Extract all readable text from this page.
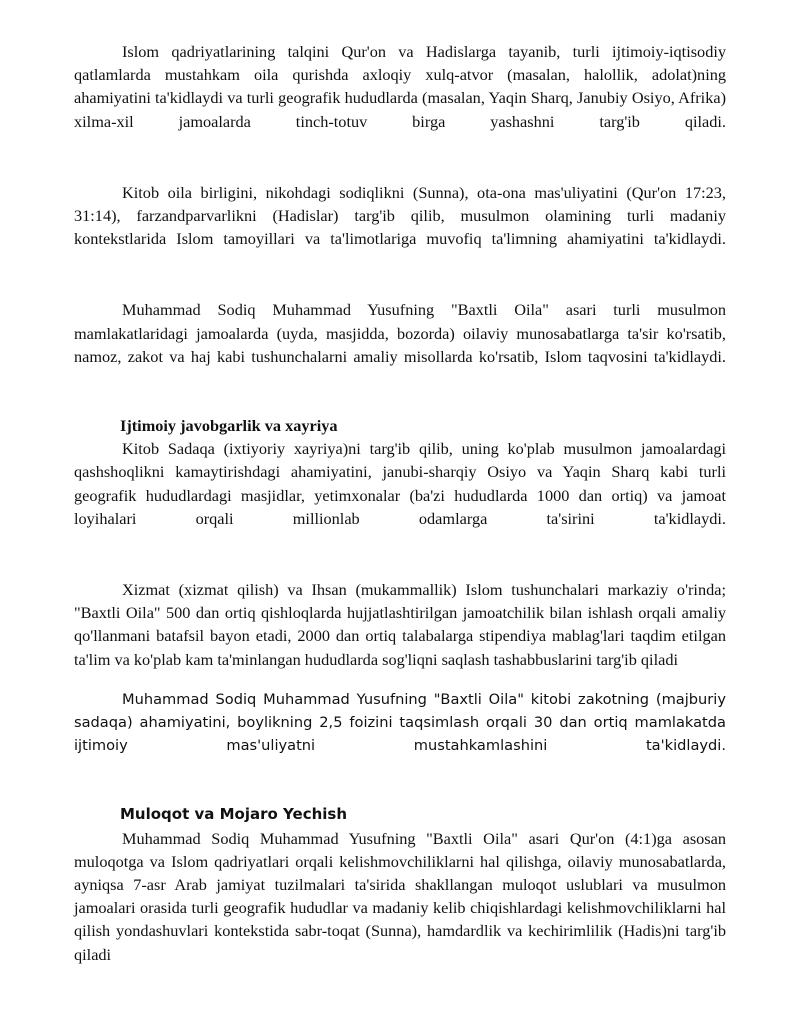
Islom qadriyatlarining talqini Qur'on va Hadislarga tayanib, turli ijtimoiy-iqtisodiy qatlamlarda mustahkam oila qurishda axloqiy xulq-atvor (masalan, halollik, adolat)ning ahamiyatini ta'kidlaydi va turli geografik hududlarda (masalan, Yaqin Sharq, Janubiy Osiyo, Afrika) xilma-xil jamoalarda tinch-totuv birga yashashni targ'ib qiladi.

Kitob oila birligini, nikohdagi sodiqlikni (Sunna), ota-ona mas'uliyatini (Qur'on 17:23, 31:14), farzandparvarlikni (Hadislar) targ'ib qilib, musulmon olamining turli madaniy kontekstlarida Islom tamoyillari va ta'limotlariga muvofiq ta'limning ahamiyatini ta'kidlaydi.

Muhammad Sodiq Muhammad Yusufning "Baxtli Oila" asari turli musulmon mamlakatlaridagi jamoalarda (uyda, masjidda, bozorda) oilaviy munosabatlarga ta'sir ko'rsatib, namoz, zakot va haj kabi tushunchalarni amaliy misollarda ko'rsatib, Islom taqvosini ta'kidlaydi.

Ijtimoiy javobgarlik va xayriya

Kitob Sadaqa (ixtiyoriy xayriya)ni targ'ib qilib, uning ko'plab musulmon jamoalardagi qashshoqlikni kamaytirishdagi ahamiyatini, janubi-sharqiy Osiyo va Yaqin Sharq kabi turli geografik hududlardagi masjidlar, yetimxonalar (ba'zi hududlarda 1000 dan ortiq) va jamoat loyihalari orqali millionlab odamlarga ta'sirini ta'kidlaydi.

Xizmat (xizmat qilish) va Ihsan (mukammallik) Islom tushunchalari markaziy o'rinda; "Baxtli Oila" 500 dan ortiq qishloqlarda hujjatlashtirilgan jamoatchilik bilan ishlash orqali amaliy qo'llanmani batafsil bayon etadi, 2000 dan ortiq talabalarga stipendiya mablag'lari taqdim etilgan ta'lim va ko'plab kam ta'minlangan hududlarda sog'liqni saqlash tashabbuslarini targ'ib qiladi

Muhammad Sodiq Muhammad Yusufning "Baxtli Oila" kitobi zakotning (majburiy sadaqa) ahamiyatini, boylikning 2,5 foizini taqsimlash orqali 30 dan ortiq mamlakatda ijtimoiy mas'uliyatni mustahkamlashini ta'kidlaydi.

Muloqot va Mojaro Yechish

Muhammad Sodiq Muhammad Yusufning "Baxtli Oila" asari Qur'on (4:1)ga asosan muloqotga va Islom qadriyatlari orqali kelishmovchiliklarni hal qilishga, oilaviy munosabatlarda, ayniqsa 7-asr Arab jamiyat tuzilmalari ta'sirida shakllangan muloqot uslublari va musulmon jamoalari orasida turli geografik hududlar va madaniy kelib chiqishlardagi kelishmovchiliklarni hal qilish yondashuvlari kontekstida sabr-toqat (Sunna), hamdardlik va kechirimlilik (Hadis)ni targ'ib qiladi
